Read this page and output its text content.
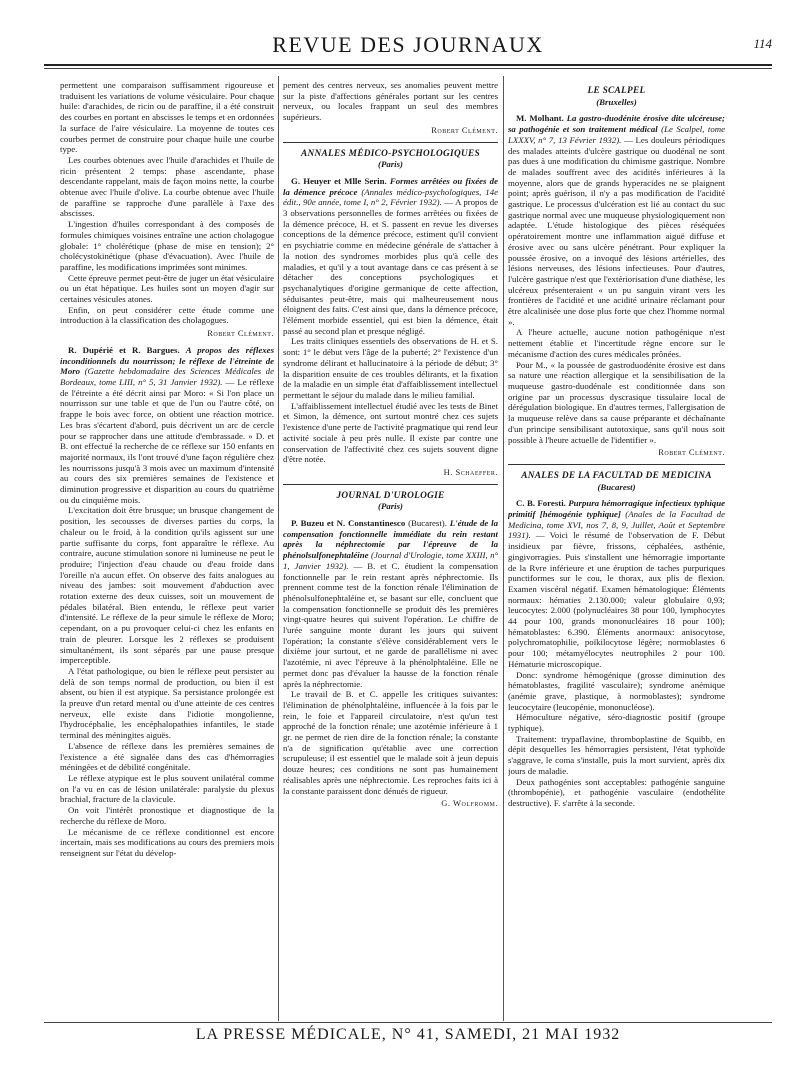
REVUE DES JOURNAUX	114

permettent une comparaison suffisamment rigoureuse et traduisent les variations de volume vésiculaire. Pour chaque huile: d'arachides, de ricin ou de paraffine, il a été construit des courbes en portant en abscisses le temps et en ordonnées la surface de l'aire vésiculaire. La moyenne de toutes ces courbes permet de construire pour chaque huile une courbe type.

Les courbes obtenues avec l'huile d'arachides et l'huile de ricin présentent 2 temps: phase ascendante, phase descendante rappelant, mais de façon moins nette, la courbe obtenue avec l'huile d'olive. La courbe obtenue avec l'huile de paraffine se rapproche d'une parallèle à l'axe des abscisses.

L'ingestion d'huiles correspondant à des composés de formules chimiques voisines entraîne une action cholagogue globale: 1° cholérétique (phase de mise en tension); 2° cholécystokinétique (phase d'évacuation). Avec l'huile de paraffine, les modifications imprimées sont minimes.

Cette épreuve permet peut-être de juger un état vésiculaire ou un état hépatique. Les huiles sont un moyen d'agir sur certaines vésicules atones.

Enfin, on peut considérer cette étude comme une introduction à la classification des cholagogues.

Robert Clément.

R. Dupérié et R. Bargues. A propos des réflexes inconditionnels du nourrisson; le réflexe de l'étreinte de Moro (Gazette hebdomadaire des Sciences Médicales de Bordeaux, tome LIII, n° 5, 31 Janvier 1932). — Le réflexe de l'étreinte a été décrit ainsi par Moro: « Si l'on place un nourrisson sur une table et que de l'un ou l'autre côté, on frappe le bois avec force, on obtient une réaction motrice. Les bras s'écartent d'abord, puis décrivent un arc de cercle pour se rapprocher dans une attitude d'embrassade. » D. et B. ont effectué la recherche de ce réflexe sur 150 enfants en majorité normaux, ils l'ont trouvé d'une façon régulière chez les nourrissons jusqu'à 3 mois avec un maximum d'intensité au cours des six premières semaines de l'existence et diminution progressive et disparition au cours du quatrième ou du cinquième mois.

L'excitation doit être brusque; un brusque changement de position, les secousses de diverses parties du corps, la chaleur ou le froid, à la condition qu'ils agissent sur une partie suffisante du corps, font apparaître le réflexe. Au contraire, aucune stimulation sonore ni lumineuse ne peut le produire; l'injection d'eau chaude ou d'eau froide dans l'oreille n'a aucun effet. On observe des faits analogues au niveau des jambes: soit mouvement d'abduction avec rotation externe des deux cuisses, soit un mouvement de pédales bilatéral. Bien entendu, le réflexe peut varier d'intensité. Le réflexe de la peur simule le réflexe de Moro; cependant, on a pu provoquer celui-ci chez les enfants en train de pleurer. Lorsque les 2 réflexes se produisent simultanément, ils sont séparés par une pause presque imperceptible.

A l'état pathologique, ou bien le réflexe peut persister au delà de son temps normal de production, ou bien il est absent, ou bien il est atypique. Sa persistance prolongée est la preuve d'un retard mental ou d'une atteinte de ces centres nerveux, elle existe dans l'idiotie mongolienne, l'hydrocéphalie, les encéphalopathies infantiles, le stade terminal des méningites aiguës.

L'absence de réflexe dans les premières semaines de l'existence a été signalée dans des cas d'hémorragies méningées et de débilité congénitale.

Le réflexe atypique est le plus souvent unilatéral comme on l'a vu en cas de lésion unilatérale: paralysie du plexus brachial, fracture de la clavicule.

On voit l'intérêt pronostique et diagnostique de la recherche du réflexe de Moro.

Le mécanisme de ce réflexe conditionnel est encore incertain, mais ses modifications au cours des premiers mois renseignent sur l'état du dévelop-

pement des centres nerveux, ses anomalies peuvent mettre sur la piste d'affections générales portant sur les centres nerveux, ou locales frappant un seul des membres supérieurs.

Robert Clément.
ANNALES MÉDICO-PSYCHOLOGIQUES
(Paris)

G. Heuyer et Mlle Serin. Formes arrêtées ou fixées de la démence précoce (Annales médico-psychologiques, 14e édit., 90e année, tome I, n° 2, Février 1932). — A propos de 3 observations personnelles de formes arrêtées ou fixées de la démence précoce, H. et S. passent en revue les diverses conceptions de la démence précoce, estiment qu'il convient en psychiatrie comme en médecine générale de s'attacher à la notion des syndromes morbides plus qu'à celle des maladies, et qu'il y a tout avantage dans ce cas présent à se détacher des conceptions psychologiques et psychanalytiques d'origine germanique de cette affection, séduisantes peut-être, mais qui malheureusement nous éloignent des faits. C'est ainsi que, dans la démence précoce, l'élément morbide essentiel, qui est bien la démence, était passé au second plan et presque négligé.

Les traits cliniques essentiels des observations de H. et S. sont: 1° le début vers l'âge de la puberté; 2° l'existence d'un syndrome délirant et hallucinatoire à la période de début; 3° la disparition ensuite de ces troubles délirants, et la fixation de la maladie en un simple état d'affaiblissement intellectuel permettant le séjour du malade dans le milieu familial.

L'affaiblissement intellectuel étudié avec les tests de Binet et Simon, la démence, ont surtout montré chez ces sujets l'existence d'une perte de l'activité pragmatique qui rend leur activité sociale à peu près nulle. Il existe par contre une conservation de l'affectivité chez ces sujets souvent digne d'être notée.

H. Schaeffer.
JOURNAL D'UROLOGIE
(Paris)

P. Buzeu et N. Constantinesco (Bucarest). L'étude de la compensation fonctionnelle immédiate du rein restant après la néphrectomie par l'épreuve de la phénolsulfonephtaléine (Journal d'Urologie, tome XXIII, n° 1, Janvier 1932). — B. et C. étudient la compensation fonctionnelle par le rein restant après néphrectomie. Ils prennent comme test de la fonction rénale l'élimination de phénolsulfonephtaléine et, se basant sur elle, concluent que la compensation fonctionnelle se produit dès les premières vingt-quatre heures qui suivent l'opération. Le chiffre de l'urée sanguine monte durant les jours qui suivent l'opération; la constante s'élève considérablement vers le dixième jour surtout, et ne garde de parallélisme ni avec l'azotémie, ni avec l'épreuve à la phénolphtaléine. Elle ne permet donc pas d'évaluer la hausse de la fonction rénale après la néphrectomie.

Le travail de B. et C. appelle les critiques suivantes: l'élimination de phénolphtaléine, influencée à la fois par le rein, le foie et l'appareil circulatoire, n'est qu'un test approché de la fonction rénale; une azotémie inférieure à 1 gr. ne permet de rien dire de la fonction rénale; la constante n'a de signification qu'établie avec une correction scrupuleuse; il est essentiel que le malade soit à jeun depuis douze heures; ces conditions ne sont pas humainement réalisables après une néphrectomie. Les reproches faits ici à la constante paraissent donc dénués de rigueur.

G. Wolfromm.
LE SCALPEL
(Bruxelles)

M. Molhant. La gastro-duodénite érosive dite ulcéreuse; sa pathogénie et son traitement médical (Le Scalpel, tome LXXXV, n° 7, 13 Février 1932). — Les douleurs périodiques des malades atteints d'ulcère gastrique ou duodénal ne sont pas dues à une modification du chimisme gastrique. Nombre de malades souffrent avec des acidités inférieures à la moyenne, alors que de grands hyperacides ne se plaignent point; après guérison, il n'y a pas modification de l'acidité gastrique. Le processus d'ulcération est lié au contact du suc gastrique normal avec une muqueuse physiologiquement non adaptée. L'étude histologique des pièces réséquées opératoirement montre une inflammation aiguë diffuse et érosive avec ou sans ulcère pénétrant. Pour expliquer la poussée érosive, on a invoqué des lésions artérielles, des lésions nerveuses, des lésions infectieuses. Pour d'autres, l'ulcère gastrique n'est que l'extériorisation d'une diathèse, les ulcéreux présenteraient « un pu sanguin virant vers les frontières de l'acidité et une acidité urinaire réclamant pour être alcalinisée une dose plus forte que chez l'homme normal ».

A l'heure actuelle, aucune notion pathogénique n'est nettement établie et l'incertitude règne encore sur le mécanisme d'action des cures médicales prônées.

Pour M., « la poussée de gastroduodénite érosive est dans sa nature une réaction allergique et la sensibilisation de la muqueuse gastro-duodénale est conditionnée dans son origine par un processus dyscrasique tissulaire local de dérégulation biologique. En d'autres termes, l'allergisation de la muqueuse relève dans sa cause préparante et déchaînante d'un principe sensibilisant autotoxique, sans qu'il nous soit possible à l'heure actuelle de l'identifier ».

Robert Clément.
ANALES DE LA FACULTAD DE MEDICINA
(Bucarest)

C. B. Foresti. Purpura hémorragique infectieux typhique primitif [hémogénie typhique] (Anales de la Facultad de Medicina, tome XVI, nos 7, 8, 9, Juillet, Août et Septembre 1931). — Voici le résumé de l'observation de F. Début insidieux par fièvre, frissons, céphalées, asthénie, gingivorragies. Puis s'installent une hémorragie importante de la Rvre inférieure et une éruption de taches purpuriques punctiformes sur le cou, le thorax, aux plis de flexion. Examen viscéral négatif. Examen hématologique: Éléments normaux: hématies 2.130.000; valeur globulaire 0,93; leucocytes: 2.000 (polynucléaires 38 pour 100, lymphocytes 44 pour 100, grands mononucléaires 18 pour 100); hématoblastes: 6.390. Éléments anormaux: anisocytose, polychromatophilie, poïkilocytose légère; normoblastes 6 pour 100; métamyélocytes neutrophiles 2 pour 100. Hématurie microscopique.

Donc: syndrome hémogénique (grosse diminution des hématoblastes, fragilité vasculaire); syndrome anémique (anémie grave, plastique, à normoblastes); syndrome leucocytaire (leucopénie, mononucléose).

Hémoculture négative, séro-diagnostic positif (groupe typhique).

Traitement: trypaflavine, thromboplastine de Squibb, en dépit desquelles les hémorragies persistent, l'état typhoïde s'aggrave, le coma s'installe, puis la mort survient, après dix jours de maladie.

Deux pathogénies sont acceptables: pathogénie sanguine (thrombopénie), et pathogénie vasculaire (endothélite destructive). F. s'arrête à la seconde.

LA PRESSE MÉDICALE, N° 41, SAMEDI, 21 MAI 1932
